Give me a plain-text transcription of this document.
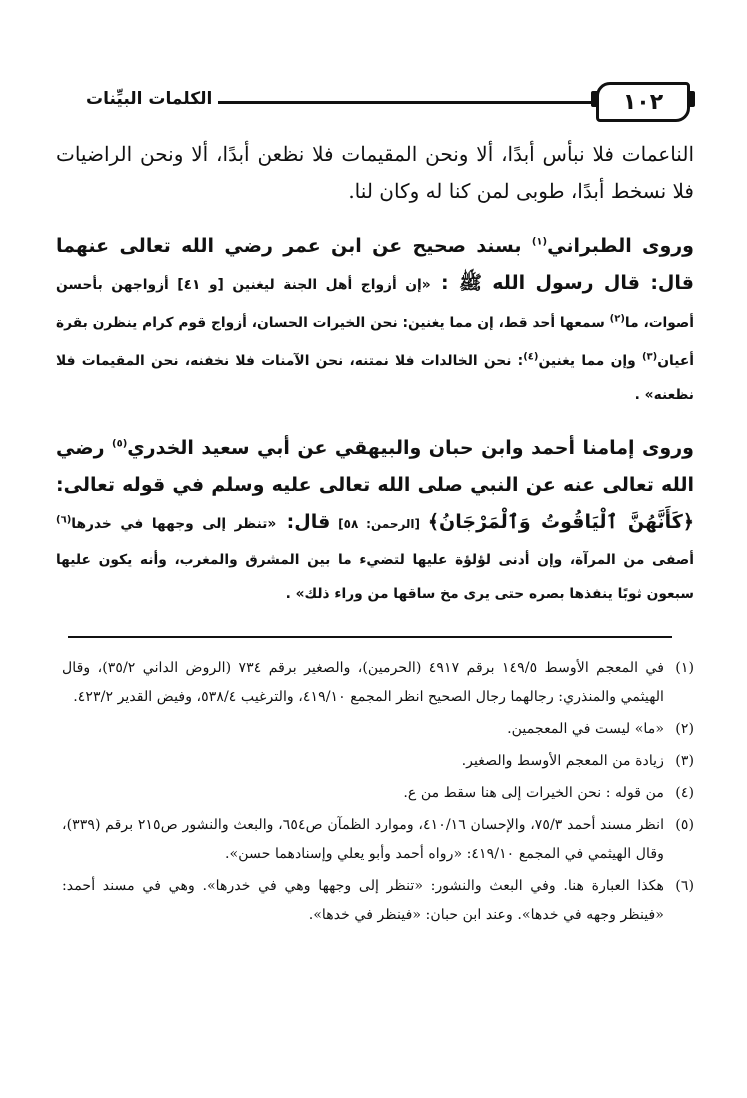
١٠٢
الكلمات البيِّنات

الناعمات فلا نبأس أبدًا، ألا ونحن المقيمات فلا نظعن أبدًا، ألا ونحن الراضيات فلا نسخط أبدًا، طوبى لمن كنا له وكان لنا.

وروى الطبراني$^{(١)}$ بسند صحيح عن ابن عمر رضي الله تعالى عنهما قال: قال رسول الله ﷺ : «إن أزواج أهل الجنة ليغنين [و ٤١] أزواجهن بأحسن أصوات، ما$^{(٢)}$ سمعها أحد قط، إن مما يغنين: نحن الخيرات الحسان، أزواج قوم كرام ينظرن بقرة أعيان$^{(٣)}$ وإن مما يغنين$^{(٤)}$: نحن الخالدات فلا نمتنه، نحن الآمنات فلا نخفنه، نحن المقيمات فلا نظعنه» .

وروى إمامنا أحمد وابن حبان والبيهقي عن أبي سعيد الخدري$^{(٥)}$ رضي الله تعالى عنه عن النبي صلى الله تعالى عليه وسلم في قوله تعالى: ﴿كَأَنَّهُنَّ ٱلْيَاقُوتُ وَٱلْمَرْجَانُ﴾ [الرحمن: ٥٨] قال: «تنظر إلى وجهها في خدرها$^{(٦)}$ أصفى من المرآة، وإن أدنى لؤلؤة عليها لتضيء ما بين المشرق والمغرب، وأنه يكون عليها سبعون ثوبًا ينفذها بصره حتى يرى مخ ساقها من وراء ذلك» .

(١)
في المعجم الأوسط ١٤٩/٥ برقم ٤٩١٧ (الحرمين)، والصغير برقم ٧٣٤ (الروض الداني ٣٥/٢)، وقال الهيثمي والمنذري: رجالهما رجال الصحيح انظر المجمع ٤١٩/١٠، والترغيب ٥٣٨/٤، وفيض القدير ٤٢٣/٢.

(٢)
«ما» ليست في المعجمين.

(٣)
زيادة من المعجم الأوسط والصغير.

(٤)
من قوله : نحن الخيرات إلى هنا سقط من ع.

(٥)
انظر مسند أحمد ٧٥/٣، والإحسان ٤١٠/١٦، وموارد الظمآن ص٦٥٤، والبعث والنشور ص٢١٥ برقم (٣٣٩)، وقال الهيثمي في المجمع ٤١٩/١٠: «رواه أحمد وأبو يعلي وإسنادهما حسن».

(٦)
هكذا العبارة هنا. وفي البعث والنشور: «تنظر إلى وجهها وهي في خدرها». وهي في مسند أحمد: «فينظر وجهه في خدها». وعند ابن حبان: «فينظر في خدها».
